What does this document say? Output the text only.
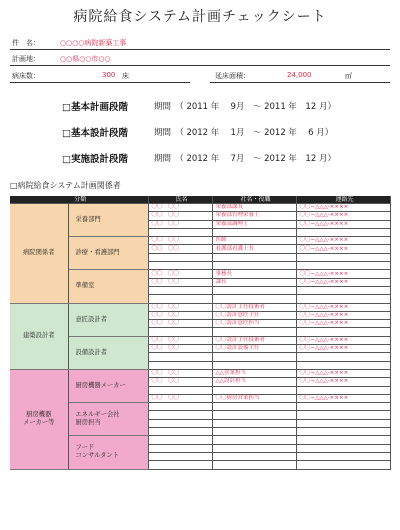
病院給食システム計画チェックシート
件　名：	○○○○病院新築工事
計画地：	○○県○○市○○
病床数：	300 床	延床面積：	24,000	㎡
□基本計画段階	期間　（ 2011 年　 9月　〜 2011 年　12 月）
□基本設計段階	期間　（ 2012 年　 1月　〜 2012 年　 6 月）
□実施設計段階	期間　（ 2012 年　 7月　〜 2012 年　12 月）
□病院給食システム計画関係者
分類		氏名	社名・役職	連絡先
病院関係者	栄養部門	〇〇　〇〇	栄養部課長	〇〇−△△△-××××
		〇〇　〇〇	栄養部管理栄養士	〇〇−△△△-××××
		〇〇　〇〇	栄養部調理士	〇〇−△△△-××××

	診療・看護部門	〇〇　〇〇	医師	〇〇−△△△-××××
		〇〇　〇〇	看護部看護士長	〇〇−△△△-××××

	準備室	〇〇　〇〇	事務長	〇〇−△△△-××××
		〇〇　〇〇	課長	〇〇−△△△-××××

建築設計者	意匠設計者	〇〇　〇〇	〇〇設計主任技術者	〇〇−△△△-××××
		〇〇　〇〇	〇〇設計意匠主任	〇〇−△△△-××××
		〇〇　〇〇	〇〇設計意匠担当	〇〇−△△△-××××

	設備設計者	〇〇　〇〇	〇〇設計主任技術者	〇〇−△△△-××××
		〇〇　〇〇	〇〇設計設備主任	〇〇−△△△-××××

厨房機器
メーカー等	厨房機器メーカー	〇〇　〇〇	△△営業担当	〇〇−△△△-××××
		〇〇　〇〇	△△設計担当	〇〇−△△△-××××

		〇〇　〇〇	〇〇厨房営業担当	〇〇−△△△-××××
	エネルギー会社
厨房担当			

	フード
コンサルタント			
